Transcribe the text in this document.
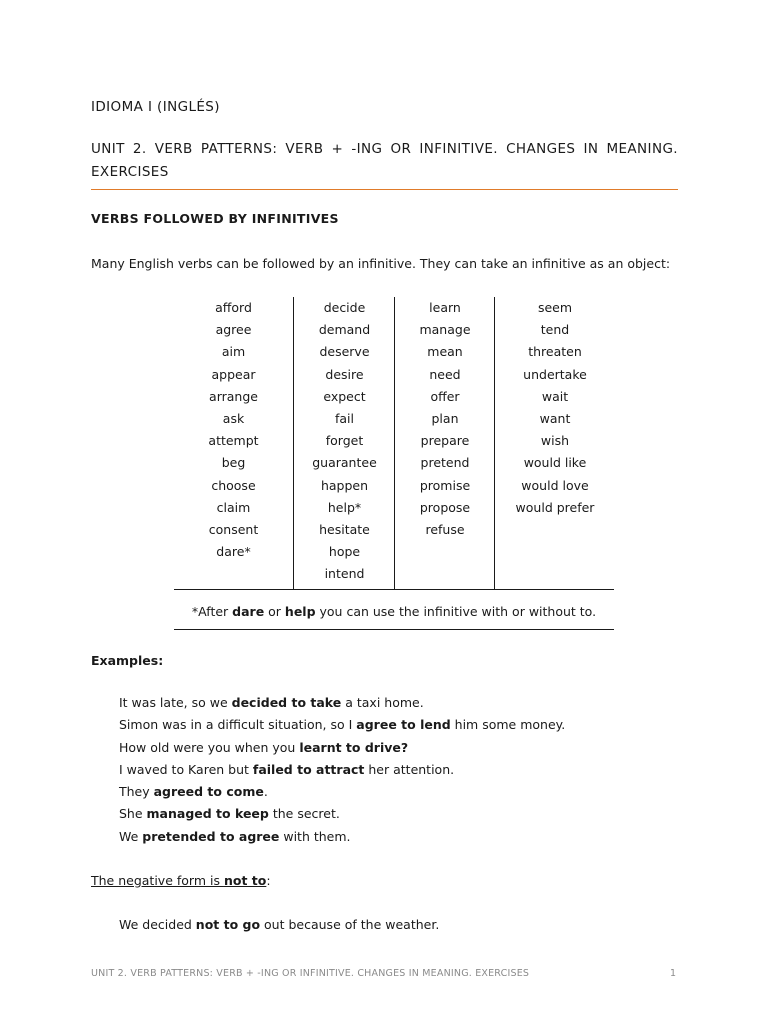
IDIOMA I (INGLÉS)
UNIT 2. VERB PATTERNS: VERB + -ING OR INFINITIVE. CHANGES IN MEANING. EXERCISES
VERBS FOLLOWED BY INFINITIVES
Many English verbs can be followed by an infinitive. They can take an infinitive as an object:
afford
agree
aim
appear
arrange
ask
attempt
beg
choose
claim
consent
dare*
decide
demand
deserve
desire
expect
fail
forget
guarantee
happen
help*
hesitate
hope
intend
learn
manage
mean
need
offer
plan
prepare
pretend
promise
propose
refuse
seem
tend
threaten
undertake
wait
want
wish
would like
would love
would prefer
*After dare or help you can use the infinitive with or without to.
Examples:
It was late, so we decided to take a taxi home.
Simon was in a difficult situation, so I agree to lend him some money.
How old were you when you learnt to drive?
I waved to Karen but failed to attract her attention.
They agreed to come.
She managed to keep the secret.
We pretended to agree with them.
The negative form is not to:
We decided not to go out because of the weather.
UNIT 2. VERB PATTERNS: VERB + -ING OR INFINITIVE. CHANGES IN MEANING. EXERCISES	1
